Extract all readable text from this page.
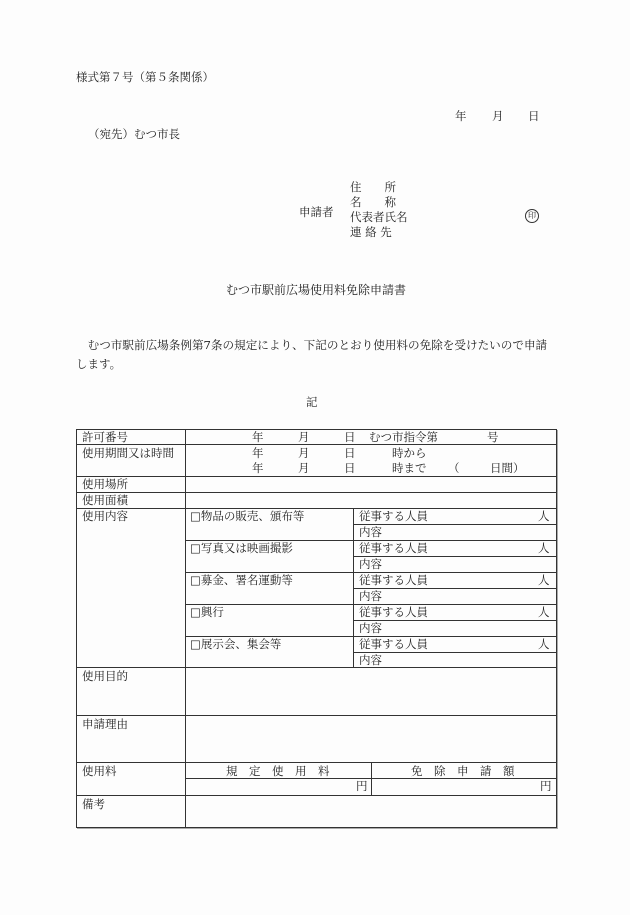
様式第７号（第５条関係）
年 月 日
（宛先）むつ市長
申請者
住　　所
名　　称
代表者氏名
連 絡 先
印
むつ市駅前広場使用料免除申請書
　むつ市駅前広場条例第7条の規定により、下記のとおり使用料の免除を受けたいので申請
します。
記
許可番号	年	月	日 むつ市指令第	号
使用期間又は時間	年	月	日	時から
年	月	日	時まで （	日間）
使用場所
使用面積
使用内容	□物品の販売、頒布等	従事する人員	人
内容
□写真又は映画撮影	従事する人員	人
内容
□募金、署名運動等	従事する人員	人
内容
□興行	従事する人員	人
内容
□展示会、集会等	従事する人員	人
内容
使用目的
申請理由
使用料	規　定　使　用　料	免　除　申　請　額
円	円
備考
